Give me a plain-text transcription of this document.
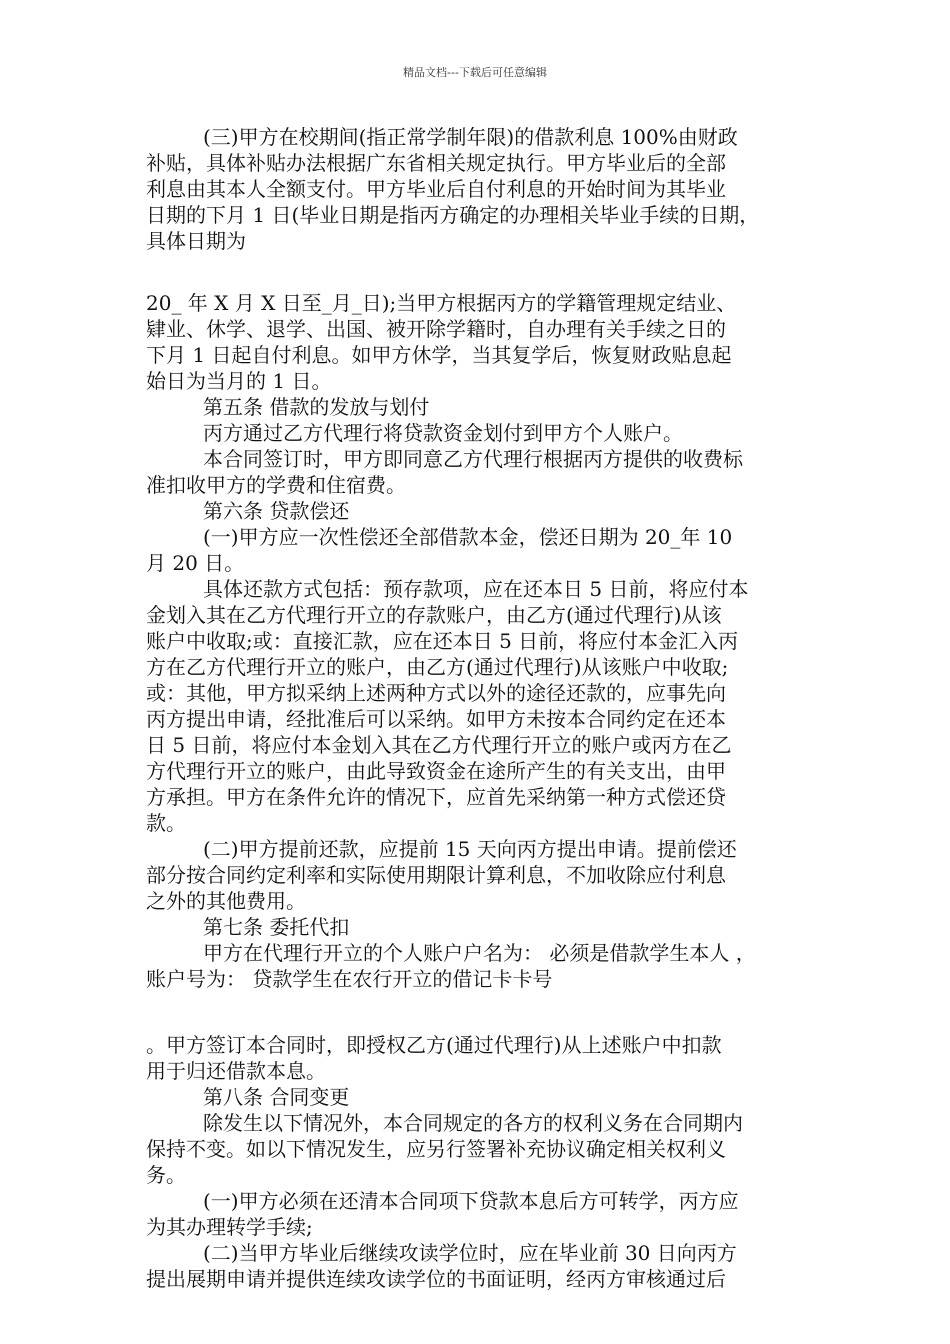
精品文档---下载后可任意编辑

(三)甲方在校期间(指正常学制年限)的借款利息 100%由财政
补贴，具体补贴办法根据广东省相关规定执行。甲方毕业后的全部
利息由其本人全额支付。甲方毕业后自付利息的开始时间为其毕业
日期的下月 1 日(毕业日期是指丙方确定的办理相关毕业手续的日期，
具体日期为

20_ 年 X 月 X 日至_月_日);当甲方根据丙方的学籍管理规定结业、
肄业、休学、退学、出国、被开除学籍时，自办理有关手续之日的
下月 1 日起自付利息。如甲方休学，当其复学后，恢复财政贴息起
始日为当月的 1 日。

第五条 借款的发放与划付

丙方通过乙方代理行将贷款资金划付到甲方个人账户。

本合同签订时，甲方即同意乙方代理行根据丙方提供的收费标
准扣收甲方的学费和住宿费。

第六条 贷款偿还

(一)甲方应一次性偿还全部借款本金，偿还日期为 20_年 10
月 20 日。

具体还款方式包括：预存款项，应在还本日 5 日前，将应付本
金划入其在乙方代理行开立的存款账户，由乙方(通过代理行)从该
账户中收取;或：直接汇款，应在还本日 5 日前，将应付本金汇入丙
方在乙方代理行开立的账户，由乙方(通过代理行)从该账户中收取;
或：其他，甲方拟采纳上述两种方式以外的途径还款的，应事先向
丙方提出申请，经批准后可以采纳。如甲方未按本合同约定在还本
日 5 日前，将应付本金划入其在乙方代理行开立的账户或丙方在乙
方代理行开立的账户，由此导致资金在途所产生的有关支出，由甲
方承担。甲方在条件允许的情况下，应首先采纳第一种方式偿还贷
款。

(二)甲方提前还款，应提前 15 天向丙方提出申请。提前偿还
部分按合同约定利率和实际使用期限计算利息，不加收除应付利息
之外的其他费用。

第七条 委托代扣

甲方在代理行开立的个人账户户名为： 必须是借款学生本人 ，
账户号为： 贷款学生在农行开立的借记卡卡号

。甲方签订本合同时，即授权乙方(通过代理行)从上述账户中扣款
用于归还借款本息。

第八条 合同变更

除发生以下情况外，本合同规定的各方的权利义务在合同期内
保持不变。如以下情况发生，应另行签署补充协议确定相关权利义
务。

(一)甲方必须在还清本合同项下贷款本息后方可转学，丙方应
为其办理转学手续;

(二)当甲方毕业后继续攻读学位时，应在毕业前 30 日向丙方
提出展期申请并提供连续攻读学位的书面证明，经丙方审核通过后
